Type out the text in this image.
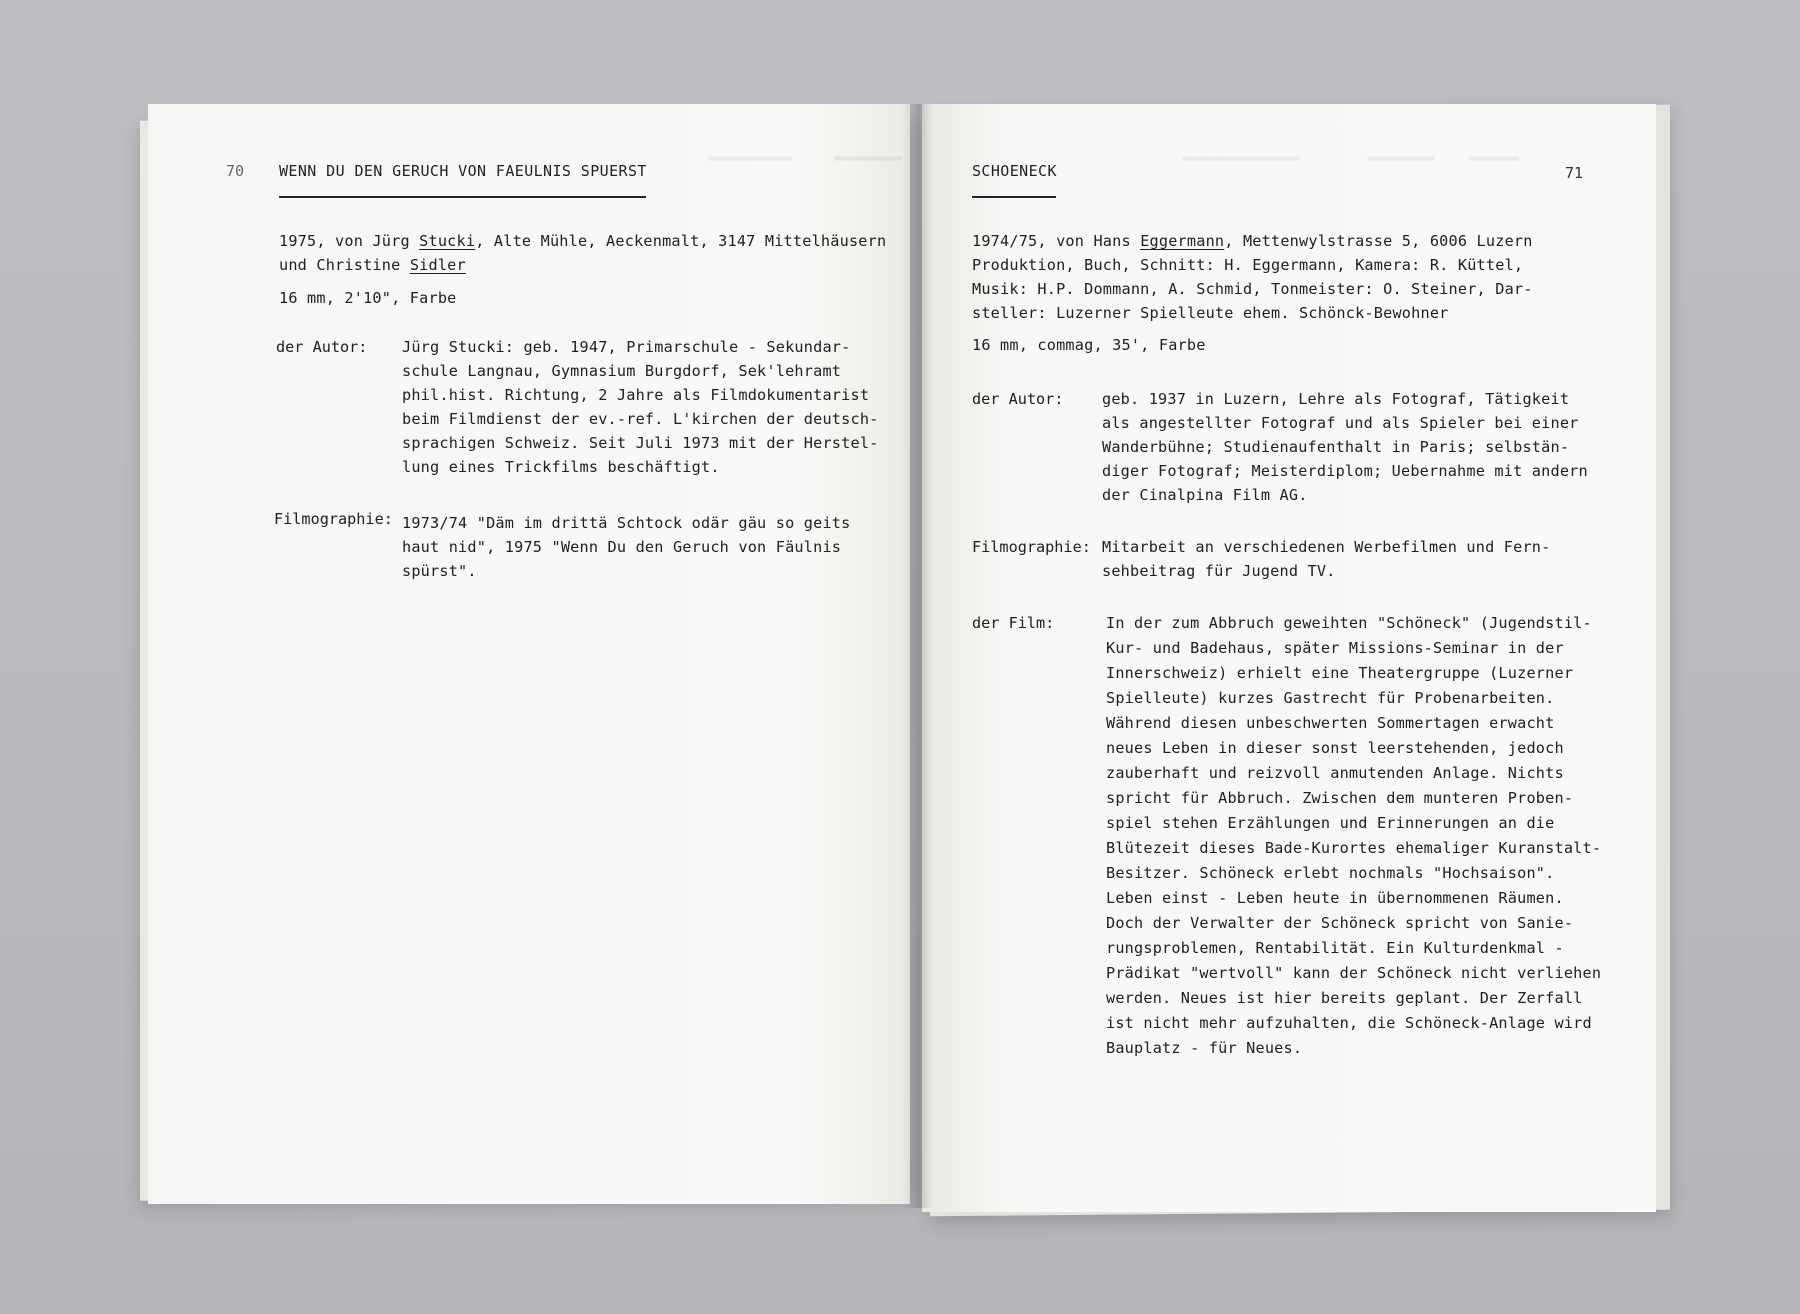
▬▬▬▬▬▬▬▬▬▬     ▬▬▬▬▬▬▬▬
70 WENN DU DEN GERUCH VON FAEULNIS SPUERST
1975, von Jürg Stucki, Alte Mühle, Aeckenmalt, 3147 Mittelhäusern
und Christine Sidler
16 mm, 2'10", Farbe
der Autor: Jürg Stucki: geb. 1947, Primarschule - Sekundar-
schule Langnau, Gymnasium Burgdorf, Sek'lehramt
phil.hist. Richtung, 2 Jahre als Filmdokumentarist
beim Filmdienst der ev.-ref. L'kirchen der deutsch-
sprachigen Schweiz. Seit Juli 1973 mit der Herstel-
lung eines Trickfilms beschäftigt.
Filmographie: 1973/74 "Däm im drittä Schtock odär gäu so geits
haut nid", 1975 "Wenn Du den Geruch von Fäulnis
spürst".
▬▬▬▬▬▬▬▬▬▬▬▬▬▬        ▬▬▬▬▬▬▬▬    ▬▬▬▬▬▬
SCHOENECK	71
1974/75, von Hans Eggermann, Mettenwylstrasse 5, 6006 Luzern
Produktion, Buch, Schnitt: H. Eggermann, Kamera: R. Küttel,
Musik: H.P. Dommann, A. Schmid, Tonmeister: O. Steiner, Dar-
steller: Luzerner Spielleute ehem. Schönck-Bewohner
16 mm, commag, 35', Farbe
der Autor:	geb. 1937 in Luzern, Lehre als Fotograf, Tätigkeit
als angestellter Fotograf und als Spieler bei einer
Wanderbühne; Studienaufenthalt in Paris; selbstän-
diger Fotograf; Meisterdiplom; Uebernahme mit andern
der Cinalpina Film AG.
Filmographie: Mitarbeit an verschiedenen Werbefilmen und Fern-
sehbeitrag für Jugend TV.
der Film:	In der zum Abbruch geweihten "Schöneck" (Jugendstil-
Kur- und Badehaus, später Missions-Seminar in der
Innerschweiz) erhielt eine Theatergruppe (Luzerner
Spielleute) kurzes Gastrecht für Probenarbeiten.
Während diesen unbeschwerten Sommertagen erwacht
neues Leben in dieser sonst leerstehenden, jedoch
zauberhaft und reizvoll anmutenden Anlage. Nichts
spricht für Abbruch. Zwischen dem munteren Proben-
spiel stehen Erzählungen und Erinnerungen an die
Blütezeit dieses Bade-Kurortes ehemaliger Kuranstalt-
Besitzer. Schöneck erlebt nochmals "Hochsaison".
Leben einst - Leben heute in übernommenen Räumen.
Doch der Verwalter der Schöneck spricht von Sanie-
rungsproblemen, Rentabilität. Ein Kulturdenkmal -
Prädikat "wertvoll" kann der Schöneck nicht verliehen
werden. Neues ist hier bereits geplant. Der Zerfall
ist nicht mehr aufzuhalten, die Schöneck-Anlage wird
Bauplatz - für Neues.
